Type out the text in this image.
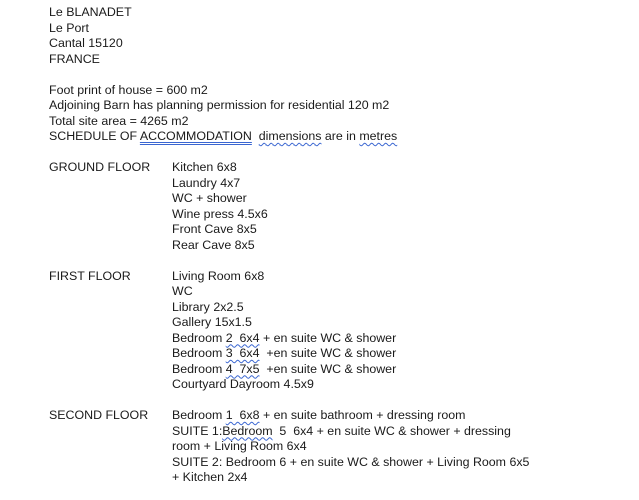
Le BLANADET
Le Port
Cantal 15120
FRANCE
Foot print of house = 600 m2
Adjoining Barn has planning permission for residential 120 m2
Total site area = 4265 m2
SCHEDULE OF ACCOMMODATION dimensions are in metres
GROUND FLOOR Kitchen 6x8
Laundry 4x7
WC + shower
Wine press 4.5x6
Front Cave 8x5
Rear Cave 8x5
FIRST FLOOR	Living Room 6x8
WC
Library 2x2.5
Gallery 15x1.5
Bedroom 2  6x4 + en suite WC & shower
Bedroom 3  6x4  +en suite WC & shower
Bedroom 4  7x5  +en suite WC & shower
Courtyard Dayroom 4.5x9
SECOND FLOOR Bedroom 1  6x8 + en suite bathroom + dressing room
SUITE 1:Bedroom  5  6x4 + en suite WC & shower + dressing
room + Living Room 6x4
SUITE 2: Bedroom 6 + en suite WC & shower + Living Room 6x5
+ Kitchen 2x4
